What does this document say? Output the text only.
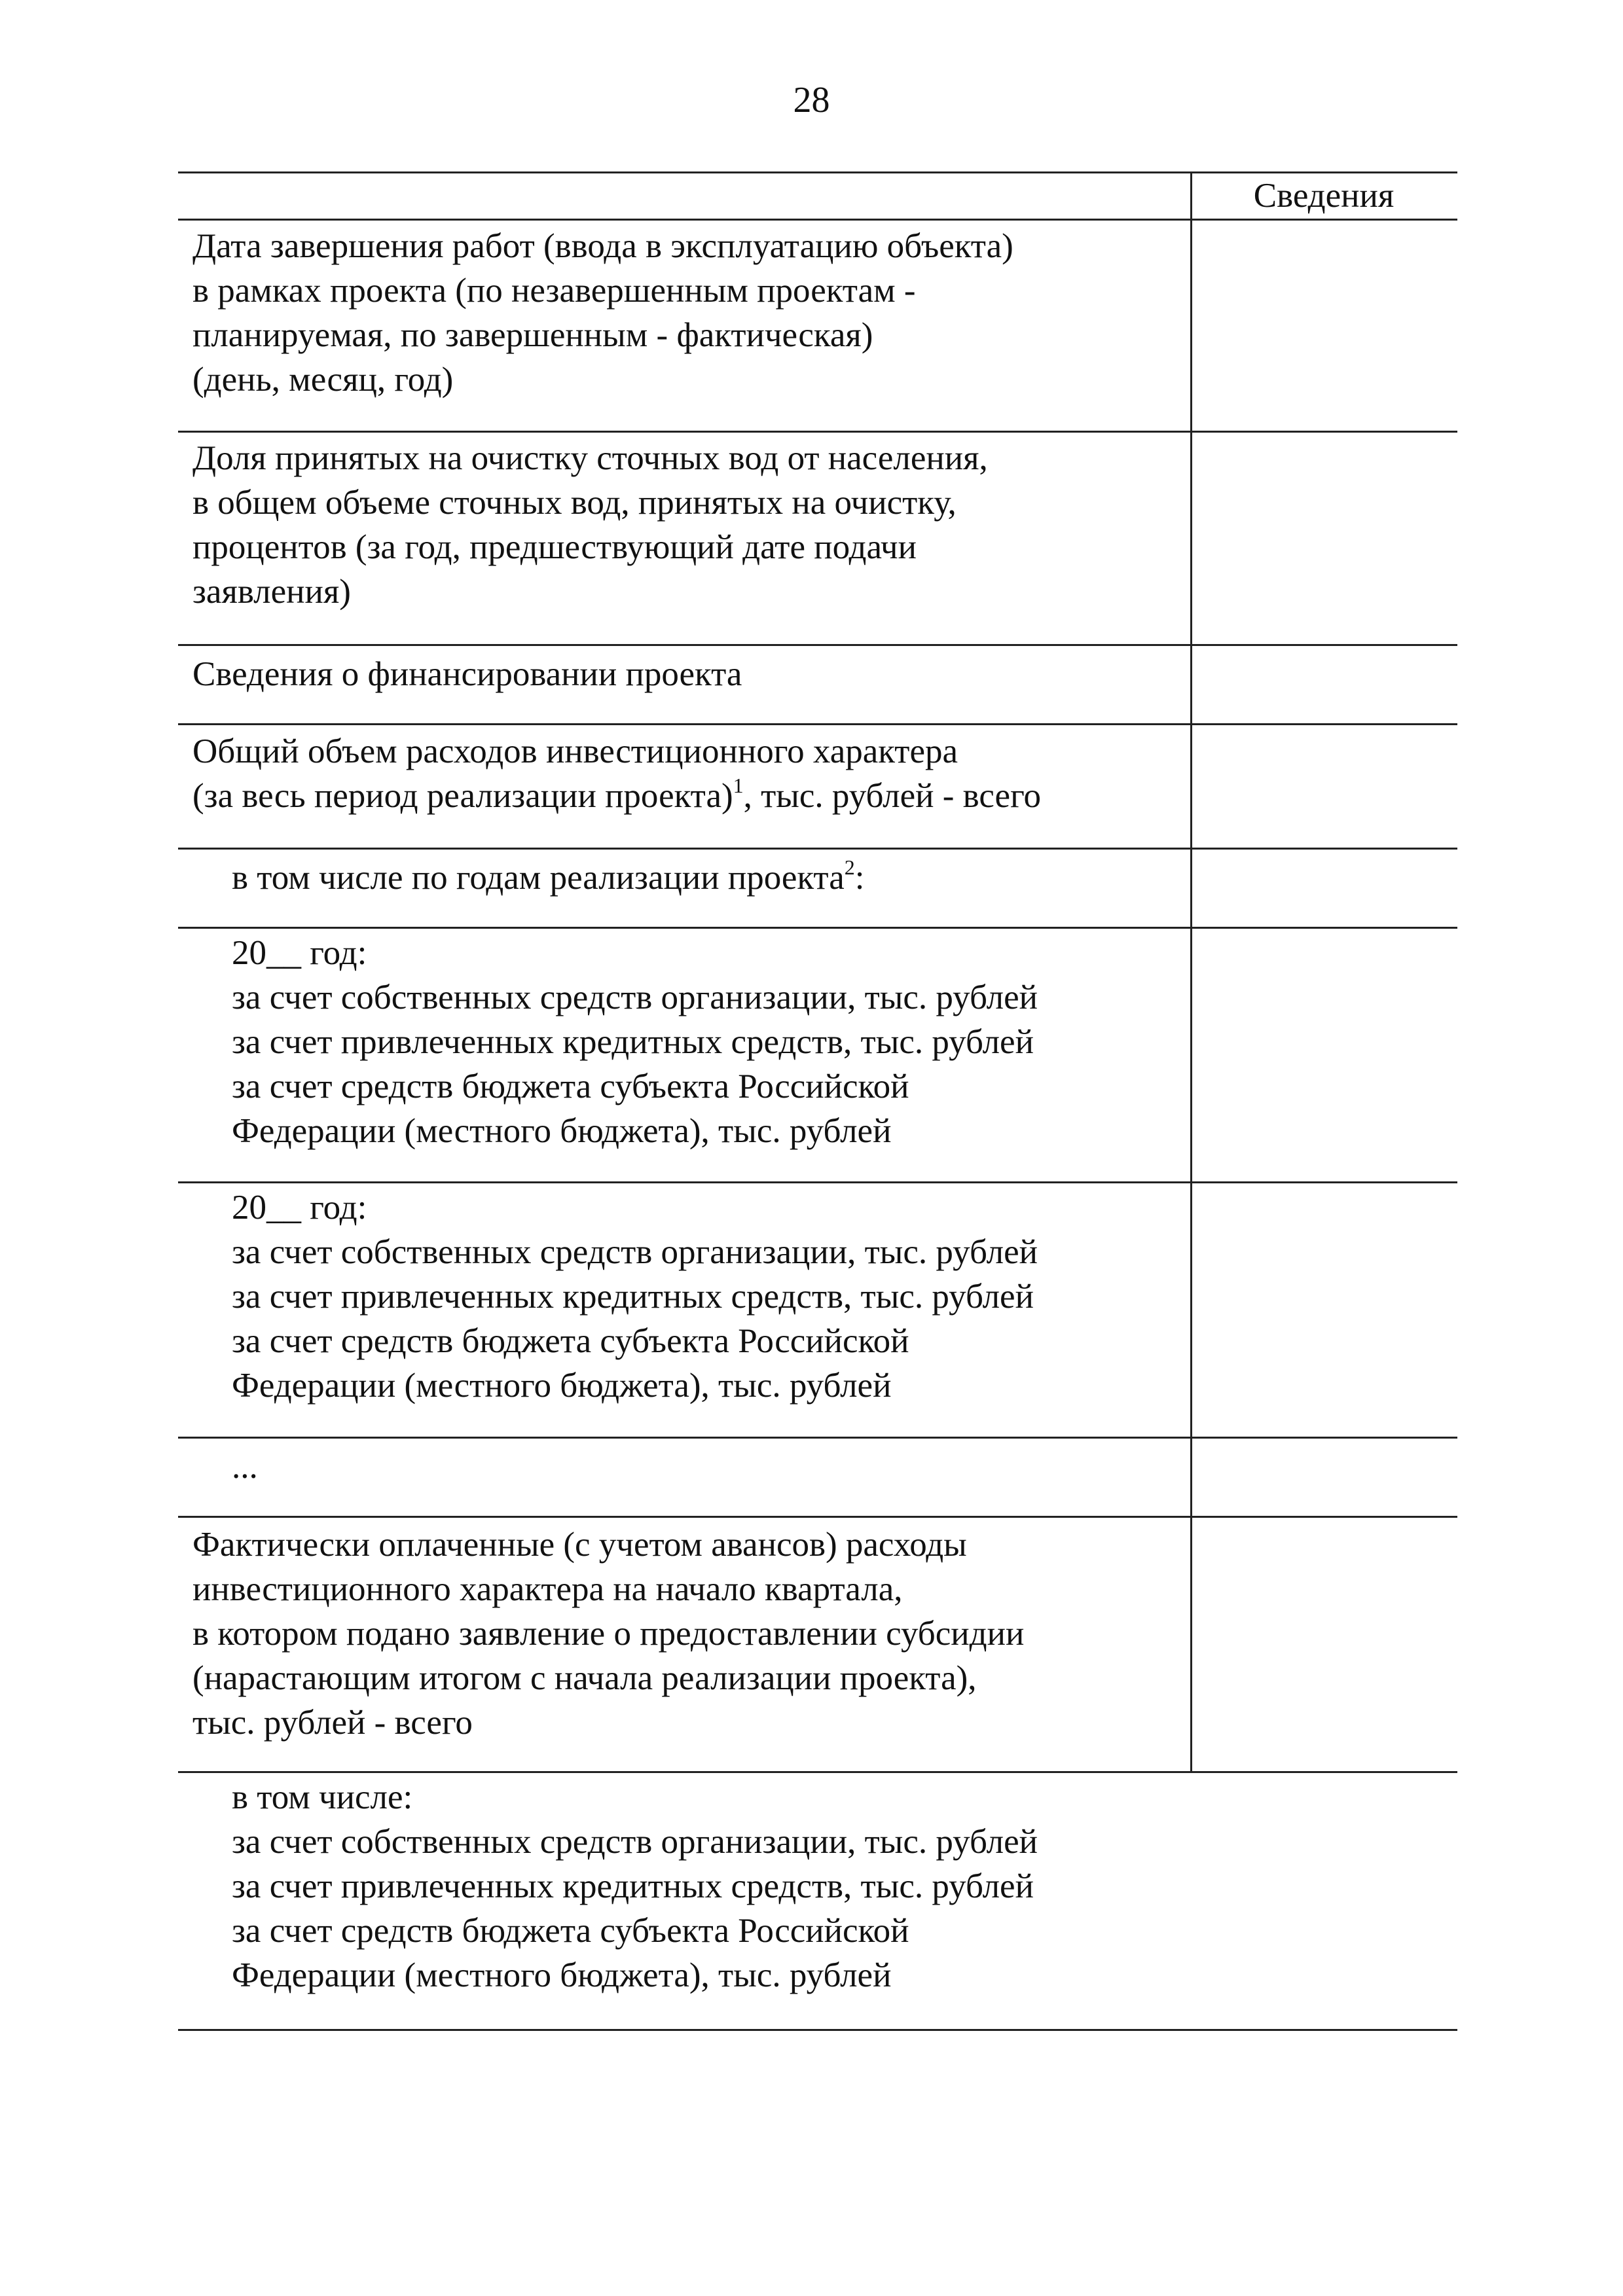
28
Сведения
Дата завершения работ (ввода в эксплуатацию объекта)
в рамках проекта (по незавершенным проектам -
планируемая, по завершенным - фактическая)
(день, месяц, год)
Доля принятых на очистку сточных вод от населения,
в общем объеме сточных вод, принятых на очистку,
процентов (за год, предшествующий дате подачи
заявления)
Сведения о финансировании проекта
Общий объем расходов инвестиционного характера
(за весь период реализации проекта)$^1$, тыс. рублей - всего
в том числе по годам реализации проекта$^2$:
20__ год:
за счет собственных средств организации, тыс. рублей
за счет привлеченных кредитных средств, тыс. рублей
за счет средств бюджета субъекта Российской
Федерации (местного бюджета), тыс. рублей
20__ год:
за счет собственных средств организации, тыс. рублей
за счет привлеченных кредитных средств, тыс. рублей
за счет средств бюджета субъекта Российской
Федерации (местного бюджета), тыс. рублей
...
Фактически оплаченные (с учетом авансов) расходы
инвестиционного характера на начало квартала,
в котором подано заявление о предоставлении субсидии
(нарастающим итогом с начала реализации проекта),
тыс. рублей - всего
в том числе:
за счет собственных средств организации, тыс. рублей
за счет привлеченных кредитных средств, тыс. рублей
за счет средств бюджета субъекта Российской
Федерации (местного бюджета), тыс. рублей
